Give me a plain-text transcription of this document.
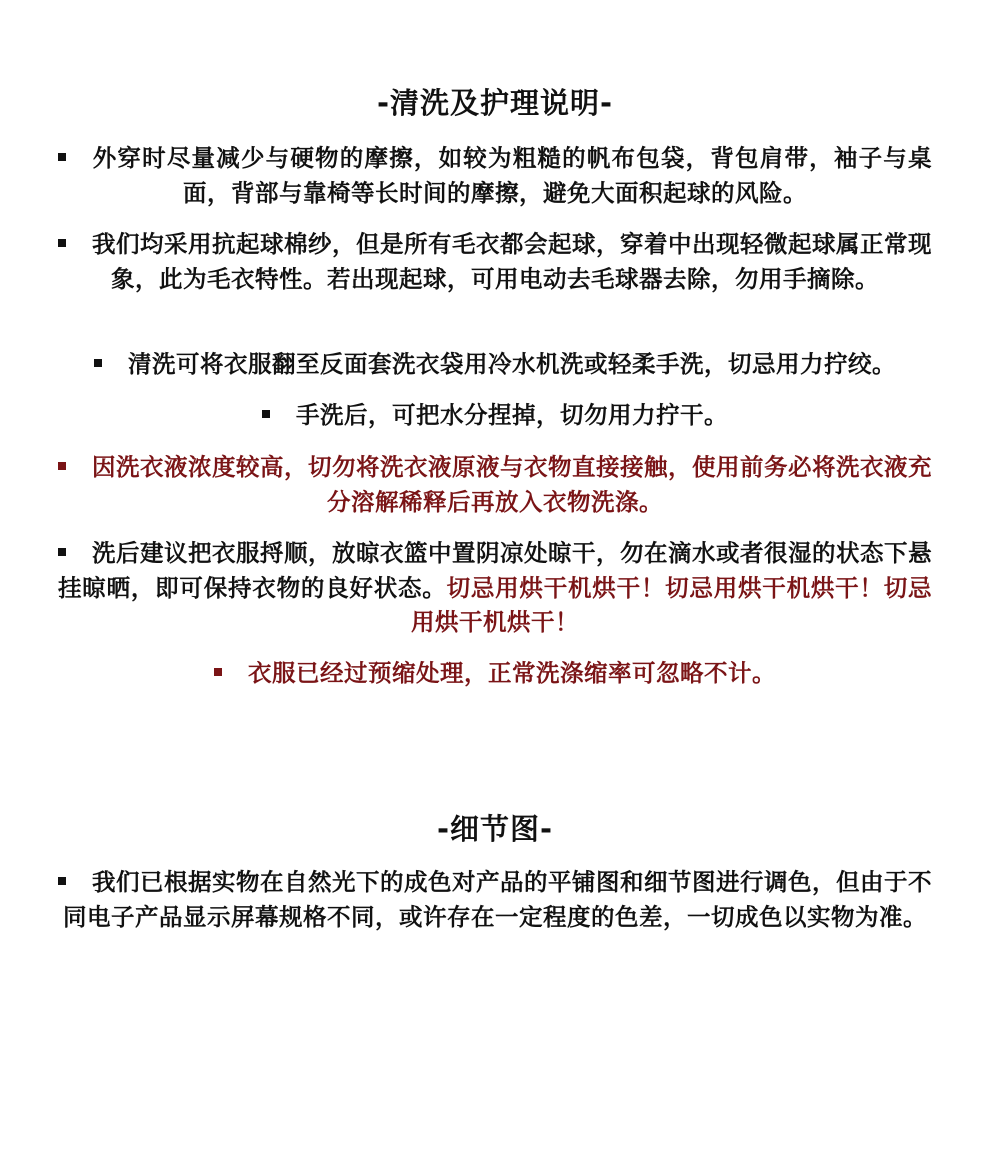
-清洗及护理说明-
外穿时尽量减少与硬物的摩擦，如较为粗糙的帆布包袋，背包肩带，袖子与桌面，背部与靠椅等长时间的摩擦，避免大面积起球的风险。
我们均采用抗起球棉纱，但是所有毛衣都会起球，穿着中出现轻微起球属正常现象，此为毛衣特性。若出现起球，可用电动去毛球器去除，勿用手摘除。
清洗可将衣服翻至反面套洗衣袋用冷水机洗或轻柔手洗，切忌用力拧绞。
手洗后，可把水分捏掉，切勿用力拧干。
因洗衣液浓度较高，切勿将洗衣液原液与衣物直接接触，使用前务必将洗衣液充分溶解稀释后再放入衣物洗涤。
洗后建议把衣服捋顺，放晾衣篮中置阴凉处晾干，勿在滴水或者很湿的状态下悬挂晾晒，即可保持衣物的良好状态。切忌用烘干机烘干！切忌用烘干机烘干！切忌用烘干机烘干！
衣服已经过预缩处理，正常洗涤缩率可忽略不计。
-细节图-
我们已根据实物在自然光下的成色对产品的平铺图和细节图进行调色，但由于不同电子产品显示屏幕规格不同，或许存在一定程度的色差，一切成色以实物为准。
